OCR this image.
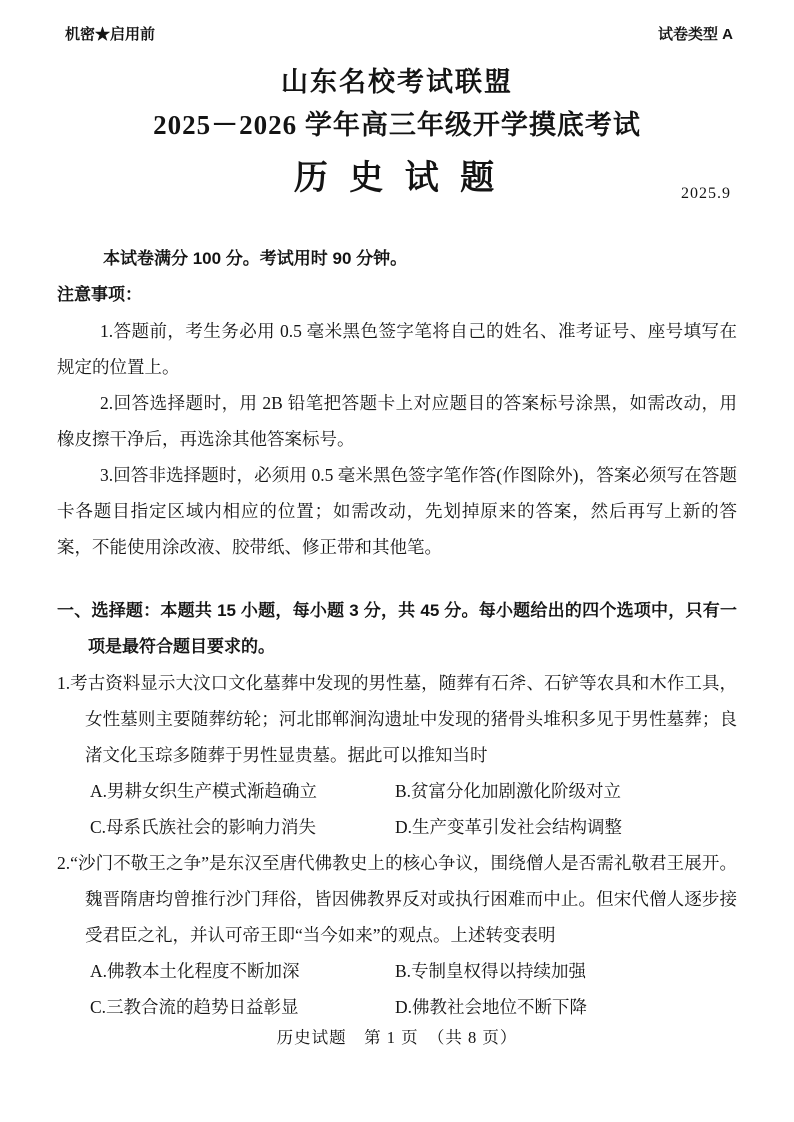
机密★启用前	试卷类型 A
山东名校考试联盟
2025－2026 学年高三年级开学摸底考试
历 史 试 题	2025.9

本试卷满分 100 分。考试用时 90 分钟。

注意事项：

1.答题前，考生务必用 0.5 毫米黑色签字笔将自己的姓名、准考证号、座号填写在规定的位置上。

2.回答选择题时，用 2B 铅笔把答题卡上对应题目的答案标号涂黑，如需改动，用橡皮擦干净后，再选涂其他答案标号。

3.回答非选择题时，必须用 0.5 毫米黑色签字笔作答(作图除外)，答案必须写在答题卡各题目指定区域内相应的位置；如需改动，先划掉原来的答案，然后再写上新的答案，不能使用涂改液、胶带纸、修正带和其他笔。

一、选择题：本题共 15 小题，每小题 3 分，共 45 分。每小题给出的四个选项中，只有一项是最符合题目要求的。

1.考古资料显示大汶口文化墓葬中发现的男性墓，随葬有石斧、石铲等农具和木作工具，女性墓则主要随葬纺轮；河北邯郸涧沟遗址中发现的猪骨头堆积多见于男性墓葬；良渚文化玉琮多随葬于男性显贵墓。据此可以推知当时

A.男耕女织生产模式渐趋确立	B.贫富分化加剧激化阶级对立
C.母系氏族社会的影响力消失	D.生产变革引发社会结构调整

2.“沙门不敬王之争”是东汉至唐代佛教史上的核心争议，围绕僧人是否需礼敬君王展开。魏晋隋唐均曾推行沙门拜俗，皆因佛教界反对或执行困难而中止。但宋代僧人逐步接受君臣之礼，并认可帝王即“当今如来”的观点。上述转变表明

A.佛教本土化程度不断加深	B.专制皇权得以持续加强
C.三教合流的趋势日益彰显	D.佛教社会地位不断下降
历史试题　第 1 页　（共 8 页）
